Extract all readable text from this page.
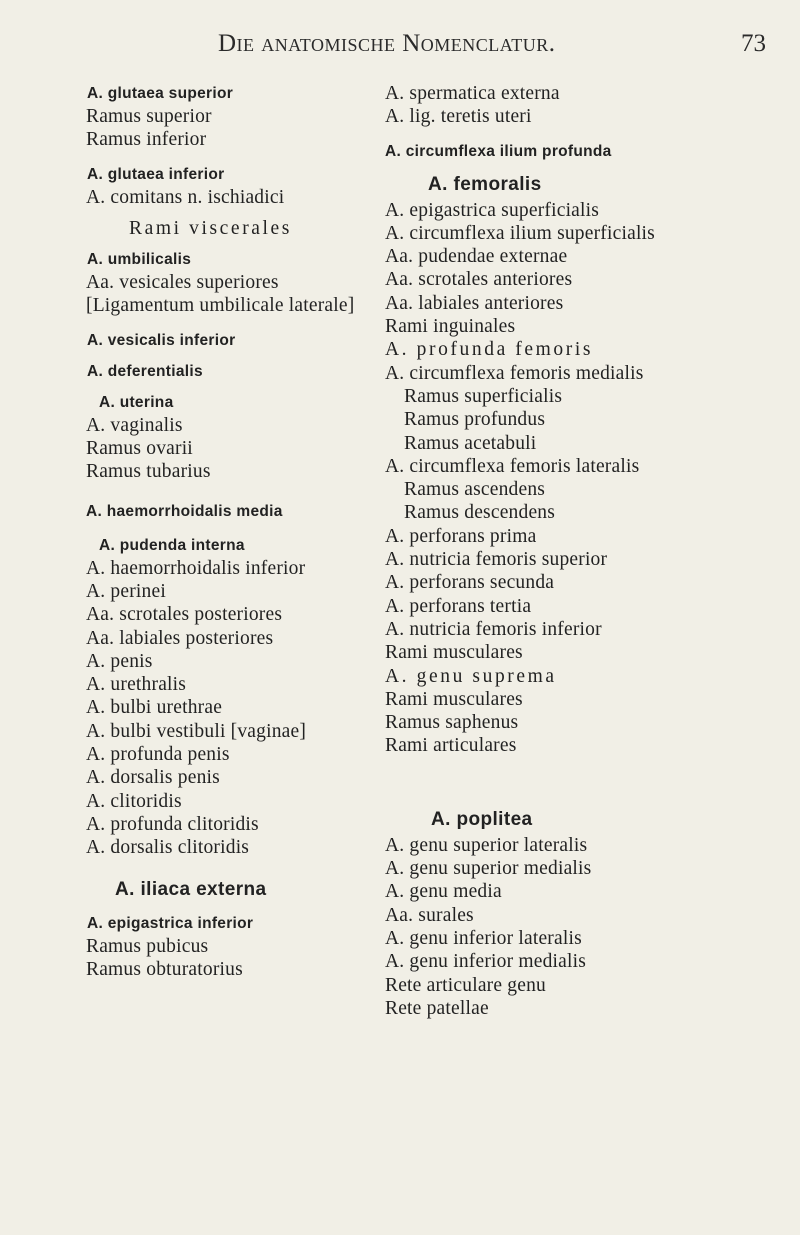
Die anatomische Nomenclatur.	73
A. glutaea superior
Ramus superior
Ramus inferior
A. glutaea inferior
A. comitans n. ischiadici
Rami viscerales
A. umbilicalis
Aa. vesicales superiores
[Ligamentum umbilicale laterale]
A. vesicalis inferior
A. deferentialis
A. uterina
A. vaginalis
Ramus ovarii
Ramus tubarius
A. haemorrhoidalis media
A. pudenda interna
A. haemorrhoidalis inferior
A. perinei
Aa. scrotales posteriores
Aa. labiales posteriores
A. penis
A. urethralis
A. bulbi urethrae
A. bulbi vestibuli [vaginae]
A. profunda penis
A. dorsalis penis
A. clitoridis
A. profunda clitoridis
A. dorsalis clitoridis
A. iliaca externa
A. epigastrica inferior
Ramus pubicus
Ramus obturatorius
A. spermatica externa
A. lig. teretis uteri
A. circumflexa ilium profunda
A. femoralis
A. epigastrica superficialis
A. circumflexa ilium superficialis
Aa. pudendae externae
Aa. scrotales anteriores
Aa. labiales anteriores
Rami inguinales
A. profunda femoris
A. circumflexa femoris medialis
Ramus superficialis
Ramus profundus
Ramus acetabuli
A. circumflexa femoris lateralis
Ramus ascendens
Ramus descendens
A. perforans prima
A. nutricia femoris superior
A. perforans secunda
A. perforans tertia
A. nutricia femoris inferior
Rami musculares
A. genu suprema
Rami musculares
Ramus saphenus
Rami articulares
A. poplitea
A. genu superior lateralis
A. genu superior medialis
A. genu media
Aa. surales
A. genu inferior lateralis
A. genu inferior medialis
Rete articulare genu
Rete patellae
